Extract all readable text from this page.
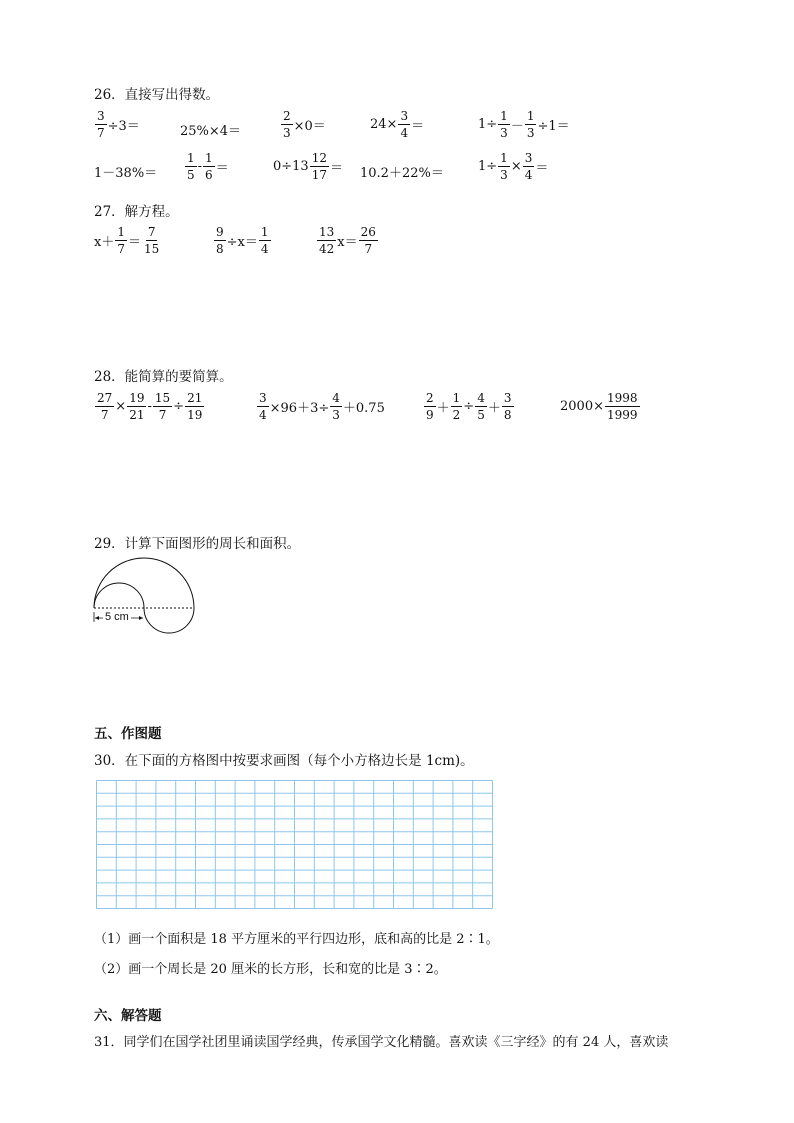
26．直接写出得数。
$\frac{3}{7} \div 3=$	25%×4＝	$\frac{2}{3} \times 0=$	$24\times \frac{3}{4}$ ＝	$1\div \frac{1}{3} - \frac{1}{3} \div 1=$
$1-38\%= \frac{1}{5} - \frac{1}{6}$ ＝	$0\div 13 \frac{12}{17} = 10.2+22\%=$	$1\div \frac{1}{3} \times \frac{3}{4}$ ＝
27．解方程。
$x+ \frac{1}{7} = \frac{7}{15}$	$\frac{9}{8} \div x= \frac{1}{4}$	$\frac{13}{42} x= \frac{26}{7}$
28．能简算的要简算。
$\frac{27}{7} \times \frac{19}{21} - \frac{15}{7} \div \frac{21}{19}$	$\frac{3}{4} \times 96+3\div \frac{4}{3} +0.75$	$\frac{2}{9} + \frac{1}{2} \div \frac{4}{5} + \frac{3}{8}$	$2000\times \frac{1998}{1999}$
29．计算下面图形的周长和面积。
5 cm
五、作图题
30．在下面的方格图中按要求画图（每个小方格边长是 1cm)。
（1）画一个面积是 18 平方厘米的平行四边形，底和高的比是 2∶1。
（2）画一个周长是 20 厘米的长方形，长和宽的比是 3∶2。
六、解答题
31．同学们在国学社团里诵读国学经典，传承国学文化精髓。喜欢读《三字经》的有 24 人，喜欢读
